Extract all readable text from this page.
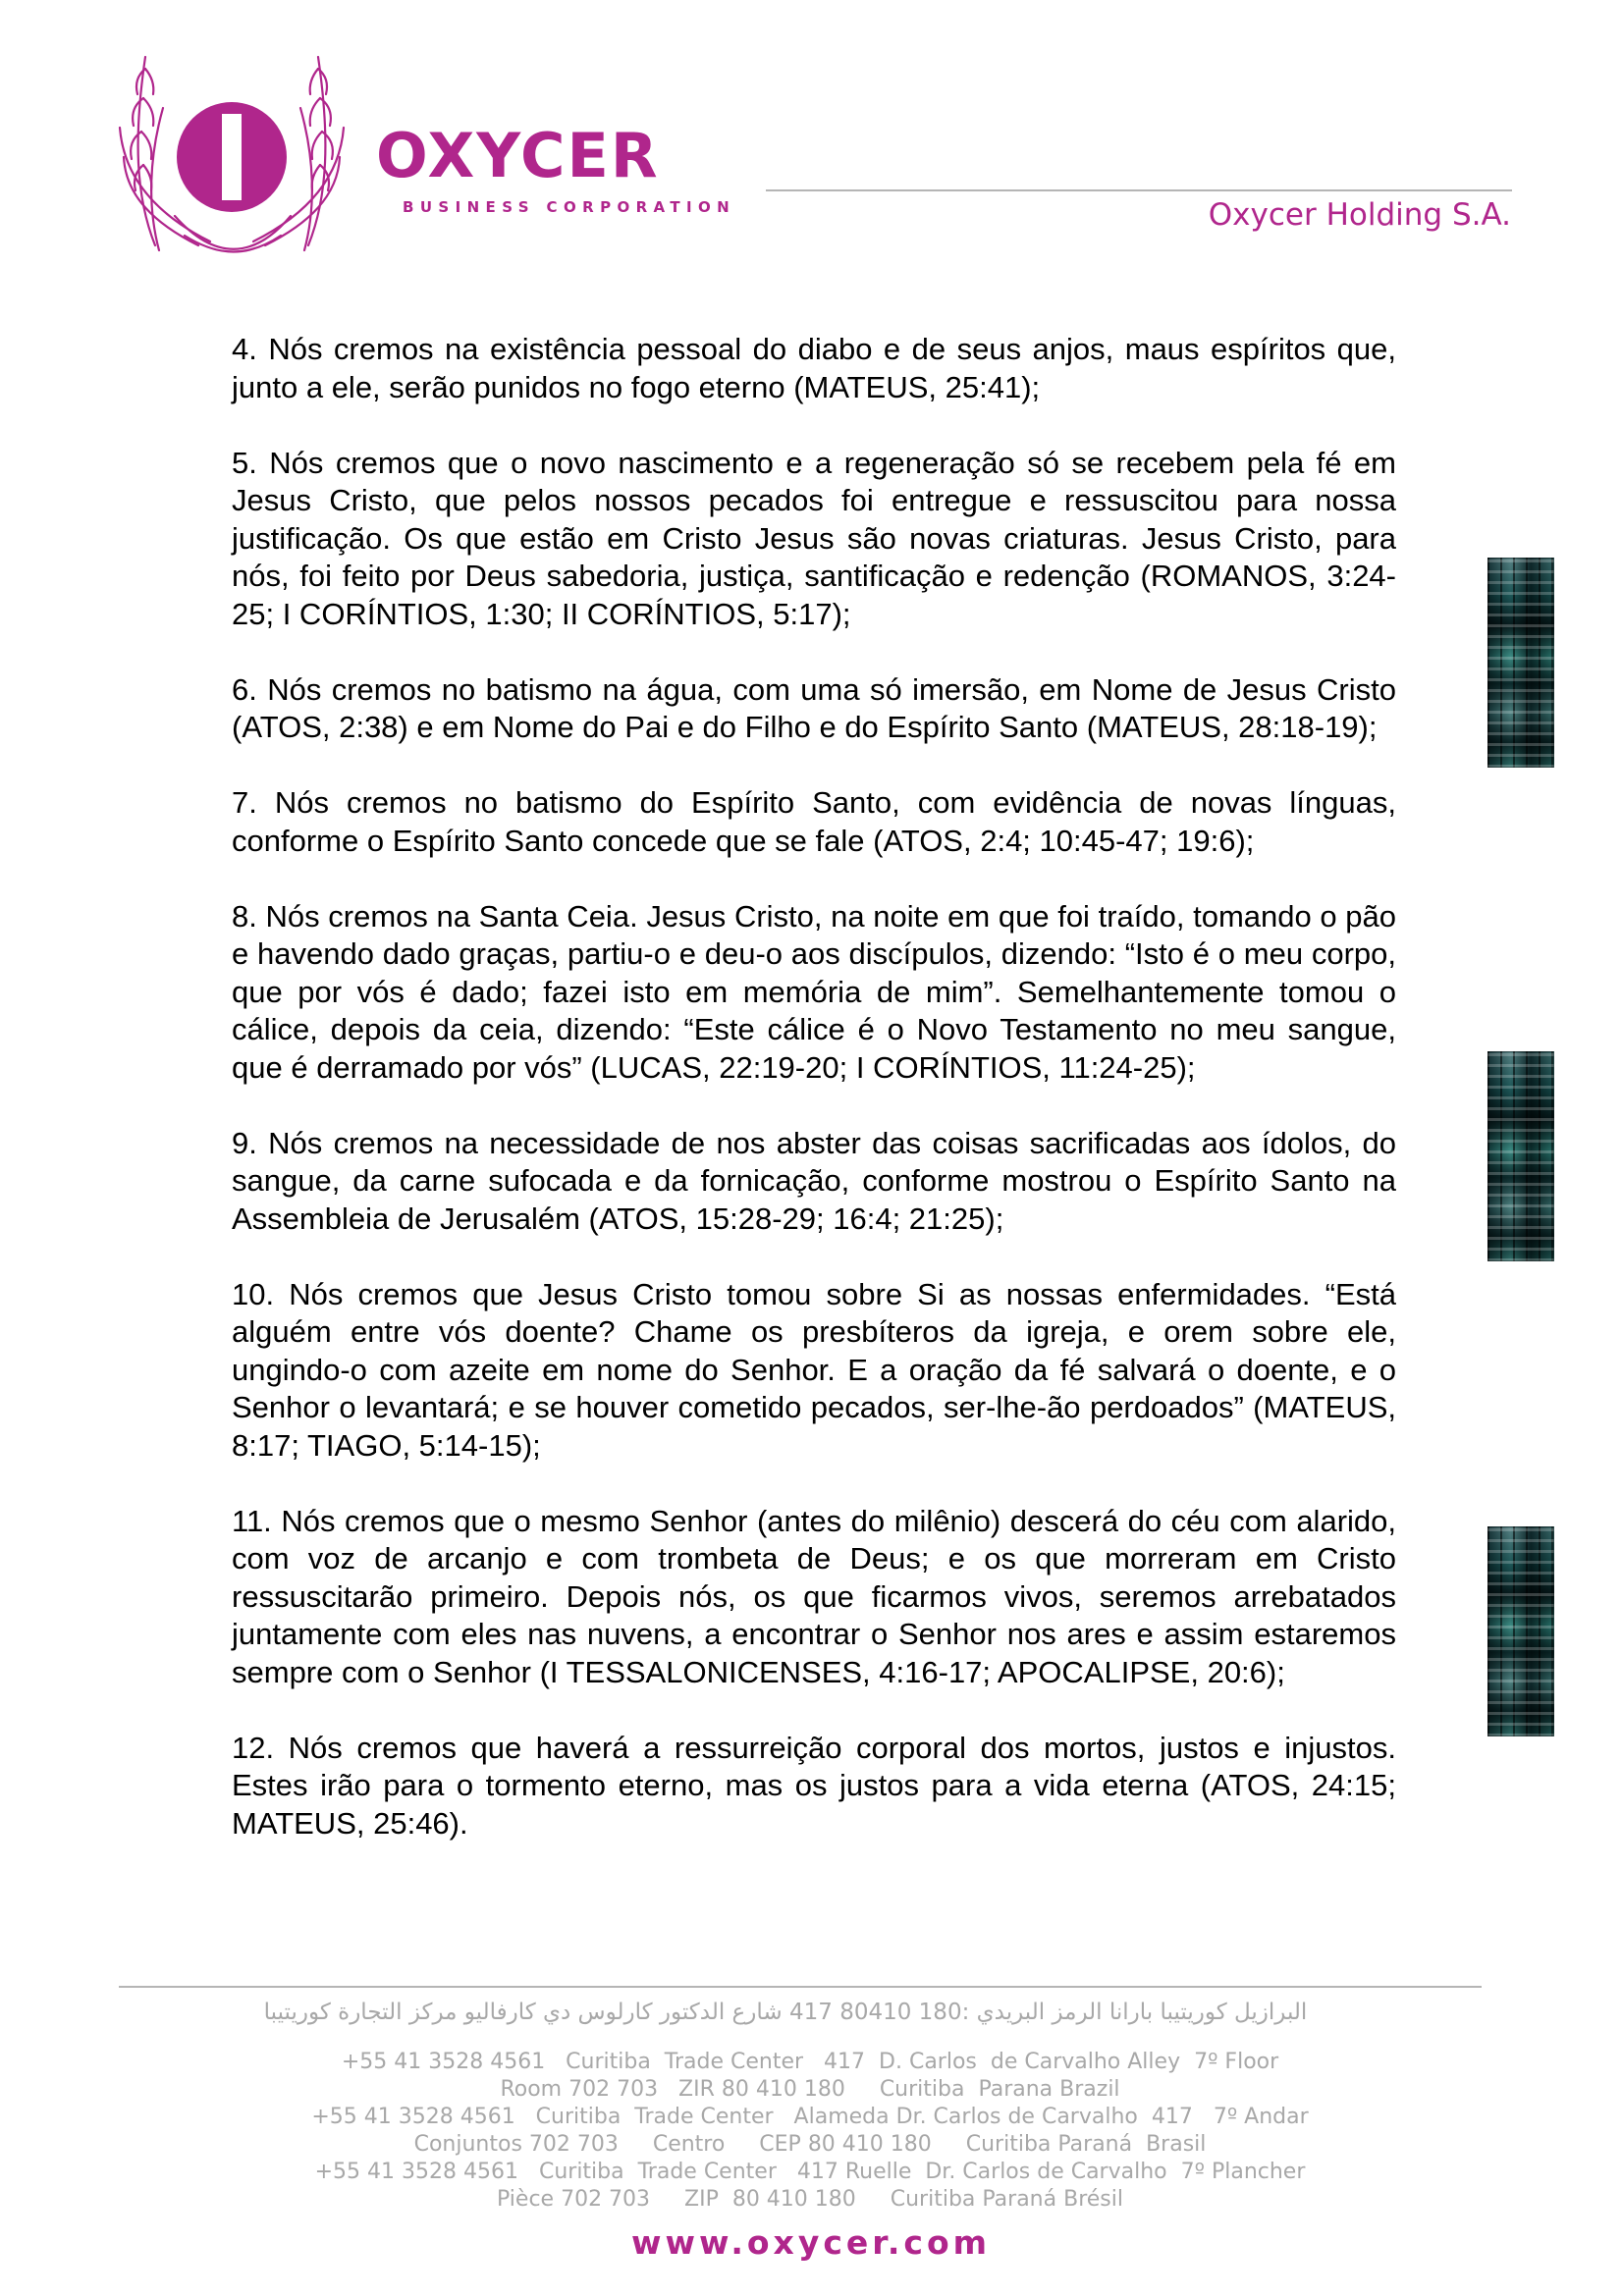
OXYCER
BUSINESS CORPORATION	Oxycer Holding S.A.

4. Nós cremos na existência pessoal do diabo e de seus anjos, maus espíritos que, junto a ele, serão punidos no fogo eterno (MATEUS, 25:41);

5. Nós cremos que o novo nascimento e a regeneração só se recebem pela fé em Jesus Cristo, que pelos nossos pecados foi entregue e ressuscitou para nossa justificação. Os que estão em Cristo Jesus são novas criaturas. Jesus Cristo, para nós, foi feito por Deus sabedoria, justiça, santificação e redenção (ROMANOS, 3:24-25; I CORÍNTIOS, 1:30; II CORÍNTIOS, 5:17);

6. Nós cremos no batismo na água, com uma só imersão, em Nome de Jesus Cristo (ATOS, 2:38) e em Nome do Pai e do Filho e do Espírito Santo (MATEUS, 28:18-19);

7. Nós cremos no batismo do Espírito Santo, com evidência de novas línguas, conforme o Espírito Santo concede que se fale (ATOS, 2:4; 10:45-47; 19:6);

8. Nós cremos na Santa Ceia. Jesus Cristo, na noite em que foi traído, tomando o pão e havendo dado graças, partiu-o e deu-o aos discípulos, dizendo: “Isto é o meu corpo, que por vós é dado; fazei isto em memória de mim”. Semelhantemente tomou o cálice, depois da ceia, dizendo: “Este cálice é o Novo Testamento no meu sangue, que é derramado por vós” (LUCAS, 22:19-20; I CORÍNTIOS, 11:24-25);

9. Nós cremos na necessidade de nos abster das coisas sacrificadas aos ídolos, do sangue, da carne sufocada e da fornicação, conforme mostrou o Espírito Santo na Assembleia de Jerusalém (ATOS, 15:28-29; 16:4; 21:25);

10. Nós cremos que Jesus Cristo tomou sobre Si as nossas enfermidades. “Está alguém entre vós doente? Chame os presbíteros da igreja, e orem sobre ele, ungindo-o com azeite em nome do Senhor. E a oração da fé salvará o doente, e o Senhor o levantará; e se houver cometido pecados, ser-lhe-ão perdoados” (MATEUS, 8:17; TIAGO, 5:14-15);

11. Nós cremos que o mesmo Senhor (antes do milênio) descerá do céu com alarido, com voz de arcanjo e com trombeta de Deus; e os que morreram em Cristo ressuscitarão primeiro. Depois nós, os que ficarmos vivos, seremos arrebatados juntamente com eles nas nuvens, a encontrar o Senhor nos ares e assim estaremos sempre com o Senhor (I TESSALONICENSES, 4:16-17; APOCALIPSE, 20:6);

12. Nós cremos que haverá a ressurreição corporal dos mortos, justos e injustos. Estes irão para o tormento eterno, mas os justos para a vida eterna (ATOS, 24:15; MATEUS, 25:46).

البرازيل كوريتيبا بارانا الرمز البريدي :180 80410 417 شارع الدكتور كارلوس دي كارفاليو مركز التجارة كوريتيبا
+55 41 3528 4561   Curitiba  Trade Center   417  D. Carlos  de Carvalho Alley  7º Floor
Room 702 703   ZIR 80 410 180     Curitiba  Parana Brazil
+55 41 3528 4561   Curitiba  Trade Center   Alameda Dr. Carlos de Carvalho  417   7º Andar
Conjuntos 702 703     Centro     CEP 80 410 180     Curitiba Paraná  Brasil
+55 41 3528 4561   Curitiba  Trade Center   417 Ruelle  Dr. Carlos de Carvalho  7º Plancher
Pièce 702 703     ZIP  80 410 180     Curitiba Paraná Brésil
www.oxycer.com
